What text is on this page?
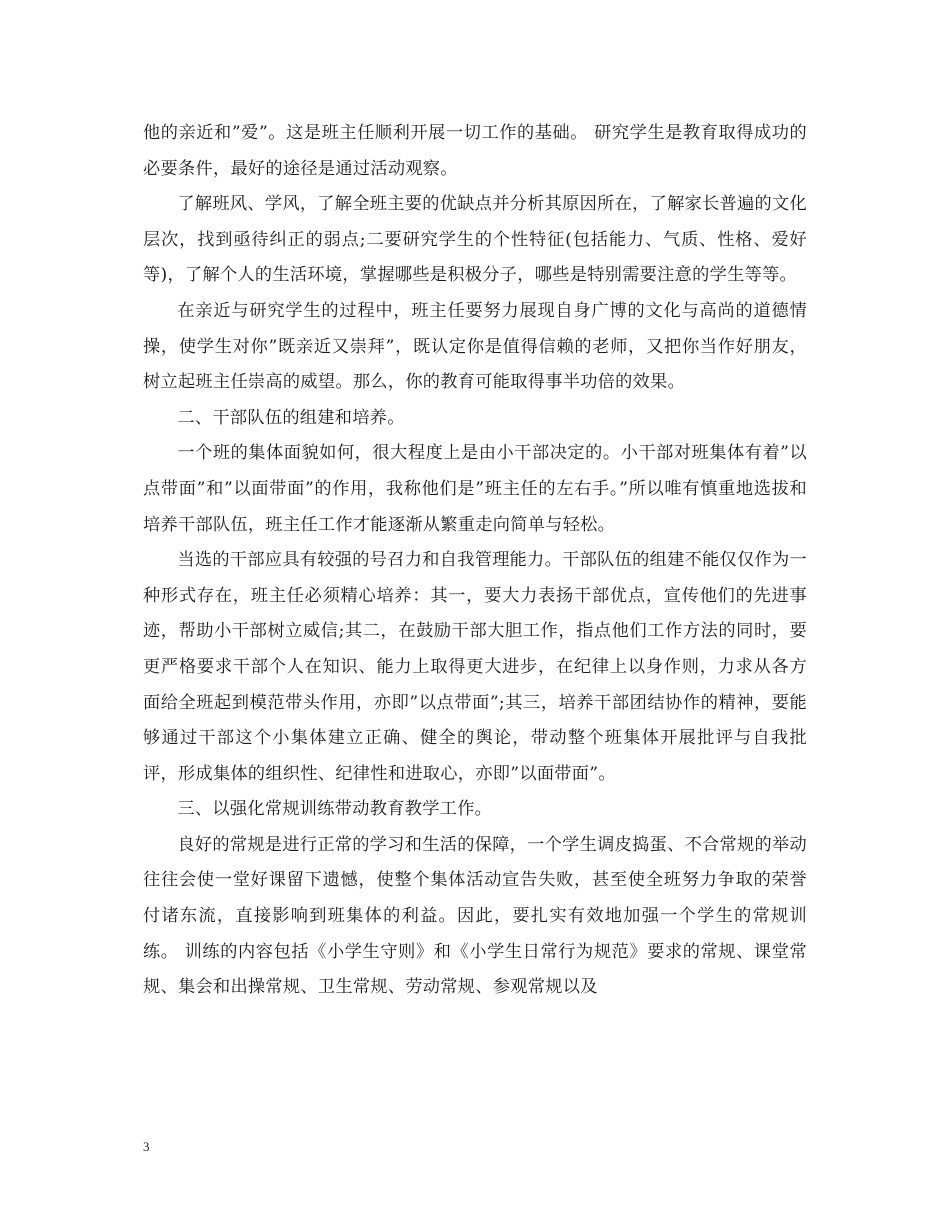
他的亲近和”爱”。这是班主任顺利开展一切工作的基础。 研究学生是教育取得成功的必要条件，最好的途径是通过活动观察。

了解班风、学风，了解全班主要的优缺点并分析其原因所在，了解家长普遍的文化层次，找到亟待纠正的弱点;二要研究学生的个性特征(包括能力、气质、性格、爱好等)，了解个人的生活环境，掌握哪些是积极分子，哪些是特别需要注意的学生等等。

在亲近与研究学生的过程中，班主任要努力展现自身广博的文化与高尚的道德情操，使学生对你”既亲近又崇拜”，既认定你是值得信赖的老师，又把你当作好朋友，树立起班主任崇高的威望。那么，你的教育可能取得事半功倍的效果。

二、干部队伍的组建和培养。

一个班的集体面貌如何，很大程度上是由小干部决定的。小干部对班集体有着”以点带面”和”以面带面”的作用，我称他们是”班主任的左右手。”所以唯有慎重地选拔和培养干部队伍，班主任工作才能逐渐从繁重走向简单与轻松。

当选的干部应具有较强的号召力和自我管理能力。干部队伍的组建不能仅仅作为一种形式存在，班主任必须精心培养：其一，要大力表扬干部优点，宣传他们的先进事迹，帮助小干部树立威信;其二，在鼓励干部大胆工作，指点他们工作方法的同时，要更严格要求干部个人在知识、能力上取得更大进步，在纪律上以身作则，力求从各方面给全班起到模范带头作用，亦即”以点带面”;其三，培养干部团结协作的精神，要能够通过干部这个小集体建立正确、健全的舆论，带动整个班集体开展批评与自我批评，形成集体的组织性、纪律性和进取心，亦即”以面带面”。

三、以强化常规训练带动教育教学工作。

良好的常规是进行正常的学习和生活的保障，一个学生调皮捣蛋、不合常规的举动往往会使一堂好课留下遗憾，使整个集体活动宣告失败，甚至使全班努力争取的荣誉付诸东流，直接影响到班集体的利益。因此，要扎实有效地加强一个学生的常规训练。 训练的内容包括《小学生守则》和《小学生日常行为规范》要求的常规、课堂常规、集会和出操常规、卫生常规、劳动常规、参观常规以及

3
